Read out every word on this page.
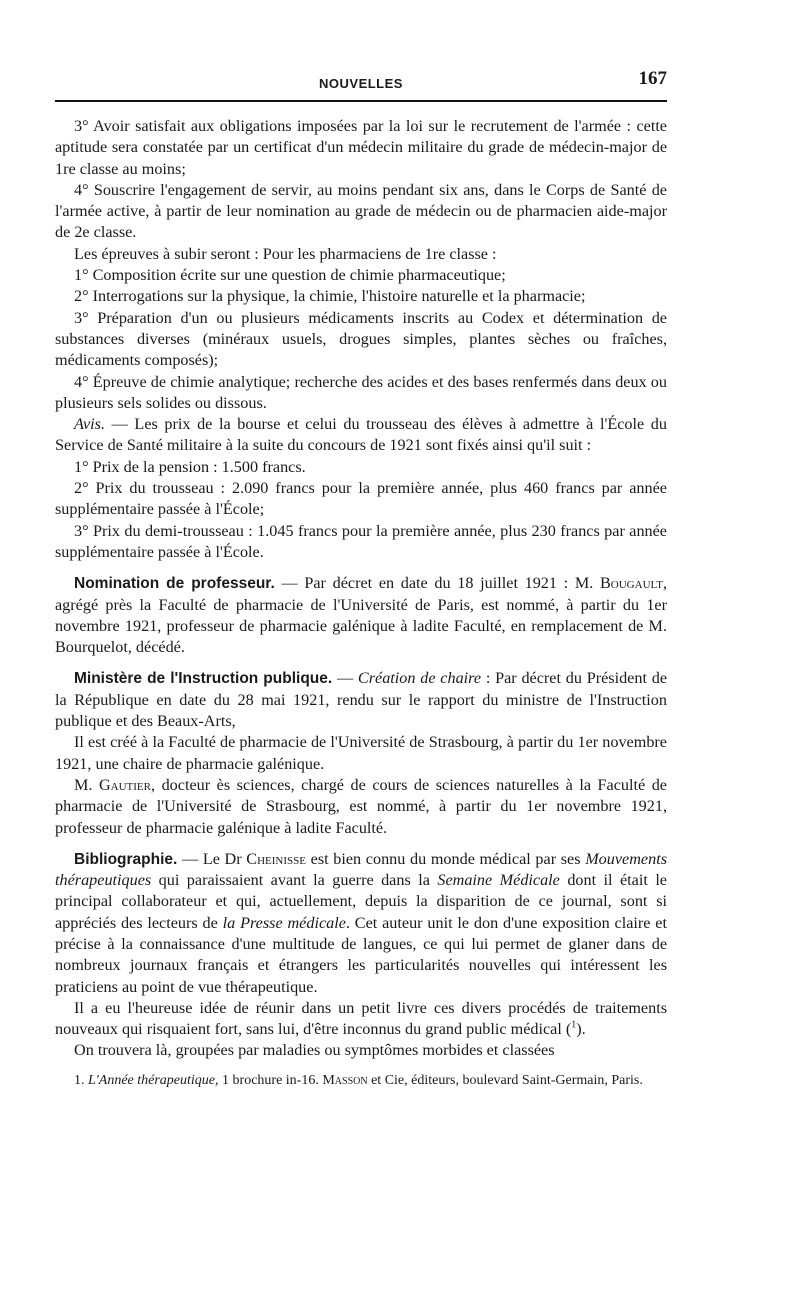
NOUVELLES	167

3° Avoir satisfait aux obligations imposées par la loi sur le recrutement de l'armée : cette aptitude sera constatée par un certificat d'un médecin militaire du grade de médecin-major de 1re classe au moins;

4° Souscrire l'engagement de servir, au moins pendant six ans, dans le Corps de Santé de l'armée active, à partir de leur nomination au grade de médecin ou de pharmacien aide-major de 2e classe.

Les épreuves à subir seront : Pour les pharmaciens de 1re classe :

1° Composition écrite sur une question de chimie pharmaceutique;

2° Interrogations sur la physique, la chimie, l'histoire naturelle et la pharmacie;

3° Préparation d'un ou plusieurs médicaments inscrits au Codex et détermination de substances diverses (minéraux usuels, drogues simples, plantes sèches ou fraîches, médicaments composés);

4° Épreuve de chimie analytique; recherche des acides et des bases renfermés dans deux ou plusieurs sels solides ou dissous.

Avis. — Les prix de la bourse et celui du trousseau des élèves à admettre à l'École du Service de Santé militaire à la suite du concours de 1921 sont fixés ainsi qu'il suit :

1° Prix de la pension : 1.500 francs.

2° Prix du trousseau : 2.090 francs pour la première année, plus 460 francs par année supplémentaire passée à l'École;

3° Prix du demi-trousseau : 1.045 francs pour la première année, plus 230 francs par année supplémentaire passée à l'École.

Nomination de professeur. — Par décret en date du 18 juillet 1921 : M. Bougault, agrégé près la Faculté de pharmacie de l'Université de Paris, est nommé, à partir du 1er novembre 1921, professeur de pharmacie galénique à ladite Faculté, en remplacement de M. Bourquelot, décédé.

Ministère de l'Instruction publique. — Création de chaire : Par décret du Président de la République en date du 28 mai 1921, rendu sur le rapport du ministre de l'Instruction publique et des Beaux-Arts,

Il est créé à la Faculté de pharmacie de l'Université de Strasbourg, à partir du 1er novembre 1921, une chaire de pharmacie galénique.

M. Gautier, docteur ès sciences, chargé de cours de sciences naturelles à la Faculté de pharmacie de l'Université de Strasbourg, est nommé, à partir du 1er novembre 1921, professeur de pharmacie galénique à ladite Faculté.

Bibliographie. — Le Dr Cheinisse est bien connu du monde médical par ses Mouvements thérapeutiques qui paraissaient avant la guerre dans la Semaine Médicale dont il était le principal collaborateur et qui, actuellement, depuis la disparition de ce journal, sont si appréciés des lecteurs de la Presse médicale. Cet auteur unit le don d'une exposition claire et précise à la connaissance d'une multitude de langues, ce qui lui permet de glaner dans de nombreux journaux français et étrangers les particularités nouvelles qui intéressent les praticiens au point de vue thérapeutique.

Il a eu l'heureuse idée de réunir dans un petit livre ces divers procédés de traitements nouveaux qui risquaient fort, sans lui, d'être inconnus du grand public médical ($^1$).

On trouvera là, groupées par maladies ou symptômes morbides et classées

1. L'Année thérapeutique, 1 brochure in-16. Masson et Cie, éditeurs, boulevard Saint-Germain, Paris.
